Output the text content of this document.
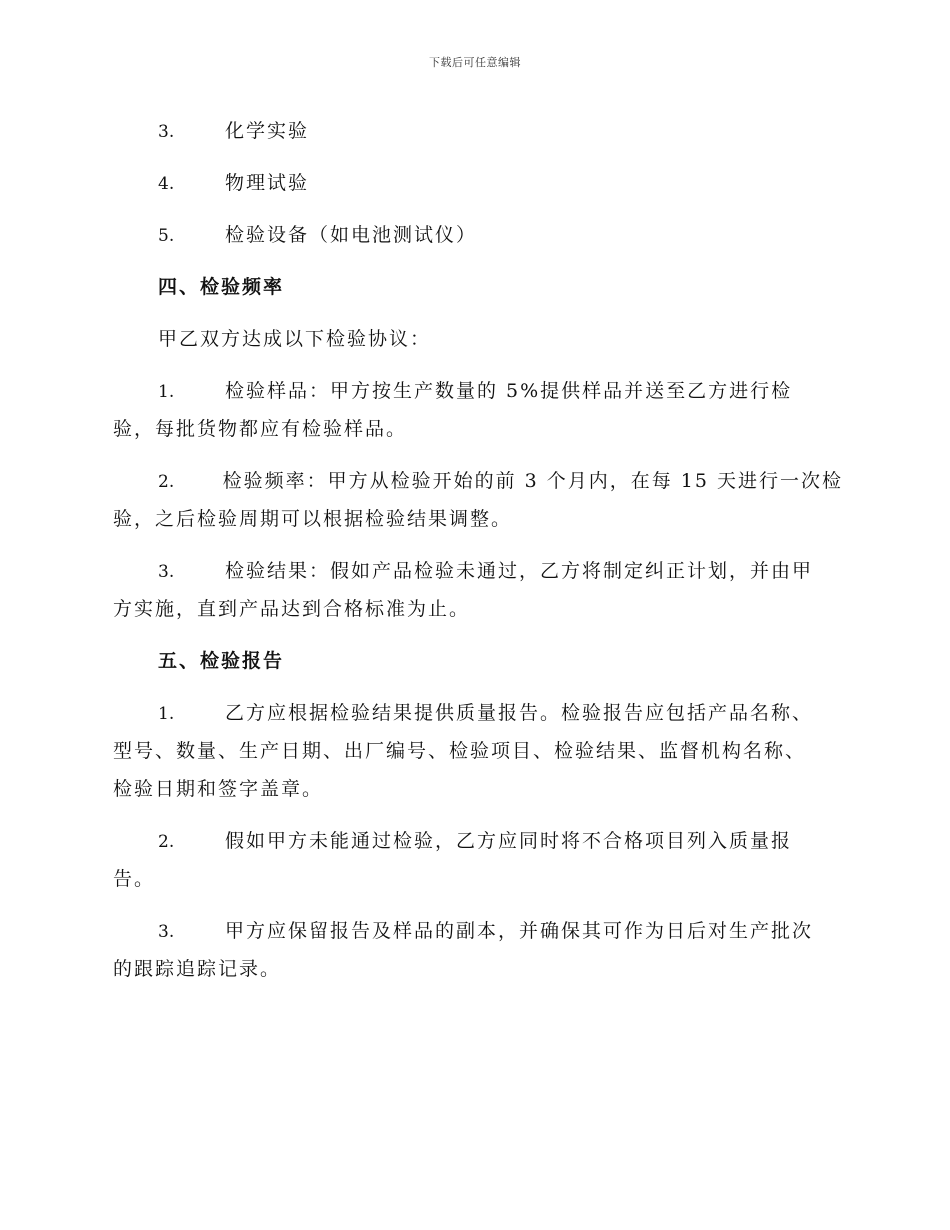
下载后可任意编辑
3.	化学实验
4.	物理试验
5.	检验设备（如电池测试仪）
四、检验频率
甲乙双方达成以下检验协议：
1.	检验样品：甲方按生产数量的 5%提供样品并送至乙方进行检
验，每批货物都应有检验样品。
2.	检验频率：甲方从检验开始的前 3 个月内，在每 15 天进行一次检
验，之后检验周期可以根据检验结果调整。
3.	检验结果：假如产品检验未通过，乙方将制定纠正计划，并由甲
方实施，直到产品达到合格标准为止。
五、检验报告
1.	乙方应根据检验结果提供质量报告。检验报告应包括产品名称、
型号、数量、生产日期、出厂编号、检验项目、检验结果、监督机构名称、
检验日期和签字盖章。
2.	假如甲方未能通过检验，乙方应同时将不合格项目列入质量报
告。
3.	甲方应保留报告及样品的副本，并确保其可作为日后对生产批次
的跟踪追踪记录。
